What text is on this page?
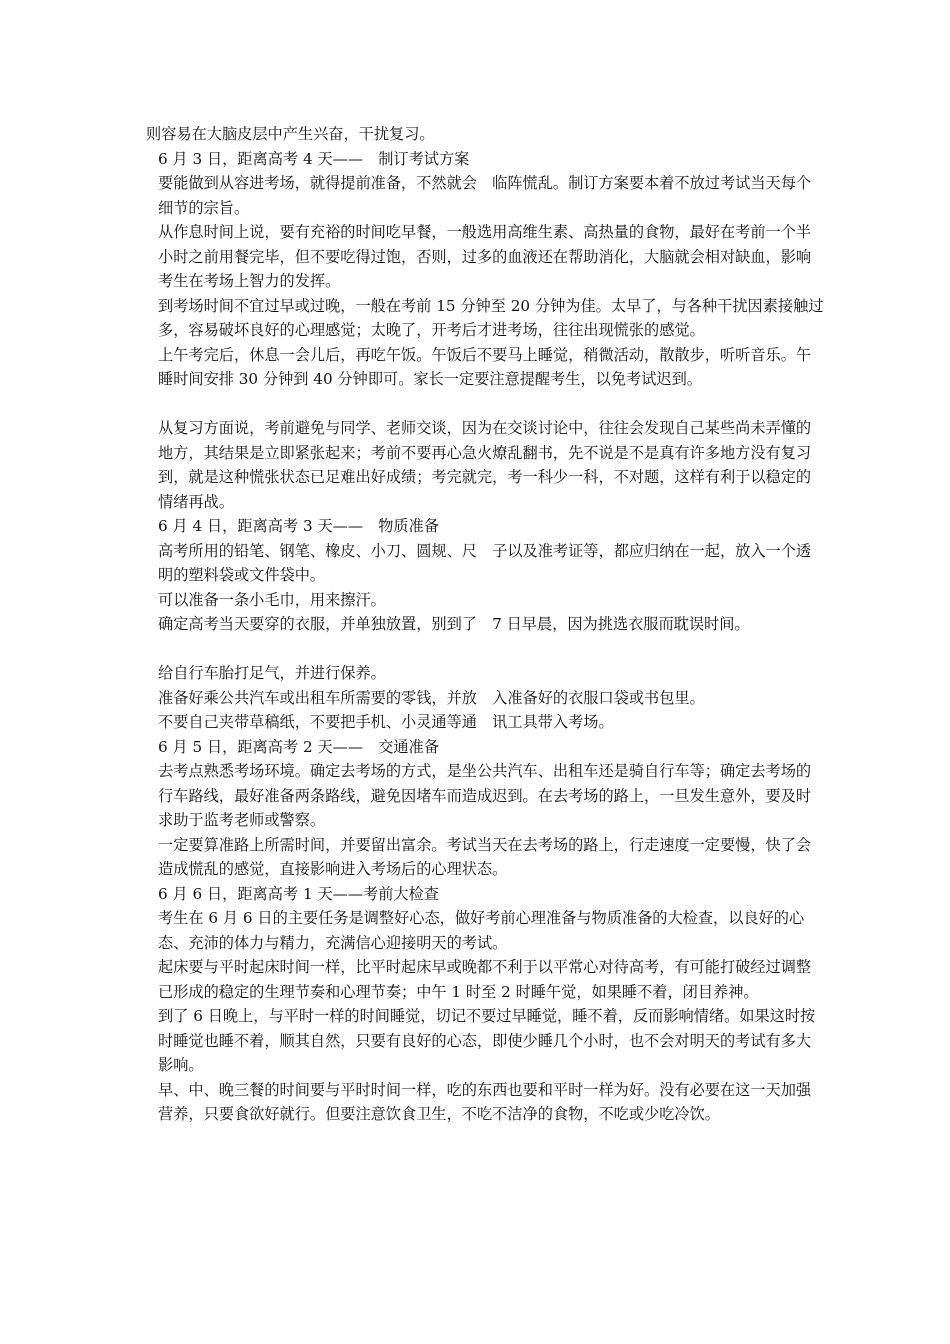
则容易在大脑皮层中产生兴奋，干扰复习。

6 月 3 日，距离高考 4 天——　制订考试方案

要能做到从容进考场，就得提前准备，不然就会　临阵慌乱。制订方案要本着不放过考试当天每个细节的宗旨。

从作息时间上说，要有充裕的时间吃早餐，一般选用高维生素、高热量的食物，最好在考前一个半小时之前用餐完毕，但不要吃得过饱，否则，过多的血液还在帮助消化，大脑就会相对缺血，影响考生在考场上智力的发挥。

到考场时间不宜过早或过晚，一般在考前 15 分钟至 20 分钟为佳。太早了，与各种干扰因素接触过多，容易破坏良好的心理感觉；太晚了，开考后才进考场，往往出现慌张的感觉。

上午考完后，休息一会儿后，再吃午饭。午饭后不要马上睡觉，稍微活动，散散步，听听音乐。午睡时间安排 30 分钟到 40 分钟即可。家长一定要注意提醒考生，以免考试迟到。

从复习方面说，考前避免与同学、老师交谈，因为在交谈讨论中，往往会发现自己某些尚未弄懂的地方，其结果是立即紧张起来；考前不要再心急火燎乱翻书，先不说是不是真有许多地方没有复习到，就是这种慌张状态已足难出好成绩；考完就完，考一科少一科，不对题，这样有利于以稳定的情绪再战。

6 月 4 日，距离高考 3 天——　物质准备

高考所用的铅笔、钢笔、橡皮、小刀、圆规、尺　子以及准考证等，都应归纳在一起，放入一个透明的塑料袋或文件袋中。

可以准备一条小毛巾，用来擦汗。

确定高考当天要穿的衣服，并单独放置，别到了　7 日早晨，因为挑选衣服而耽误时间。

给自行车胎打足气，并进行保养。

准备好乘公共汽车或出租车所需要的零钱，并放　入准备好的衣服口袋或书包里。

不要自己夹带草稿纸，不要把手机、小灵通等通　讯工具带入考场。

6 月 5 日，距离高考 2 天——　交通准备

去考点熟悉考场环境。确定去考场的方式，是坐公共汽车、出租车还是骑自行车等；确定去考场的行车路线，最好准备两条路线，避免因堵车而造成迟到。在去考场的路上，一旦发生意外，要及时求助于监考老师或警察。

一定要算准路上所需时间，并要留出富余。考试当天在去考场的路上，行走速度一定要慢，快了会造成慌乱的感觉，直接影响进入考场后的心理状态。

6 月 6 日，距离高考 1 天——考前大检查

考生在 6 月 6 日的主要任务是调整好心态，做好考前心理准备与物质准备的大检查，以良好的心态、充沛的体力与精力，充满信心迎接明天的考试。

起床要与平时起床时间一样，比平时起床早或晚都不利于以平常心对待高考，有可能打破经过调整已形成的稳定的生理节奏和心理节奏；中午 1 时至 2 时睡午觉，如果睡不着，闭目养神。

到了 6 日晚上，与平时一样的时间睡觉，切记不要过早睡觉，睡不着，反而影响情绪。如果这时按时睡觉也睡不着，顺其自然，只要有良好的心态，即使少睡几个小时，也不会对明天的考试有多大影响。

早、中、晚三餐的时间要与平时时间一样，吃的东西也要和平时一样为好。没有必要在这一天加强营养，只要食欲好就行。但要注意饮食卫生，不吃不洁净的食物，不吃或少吃冷饮。
